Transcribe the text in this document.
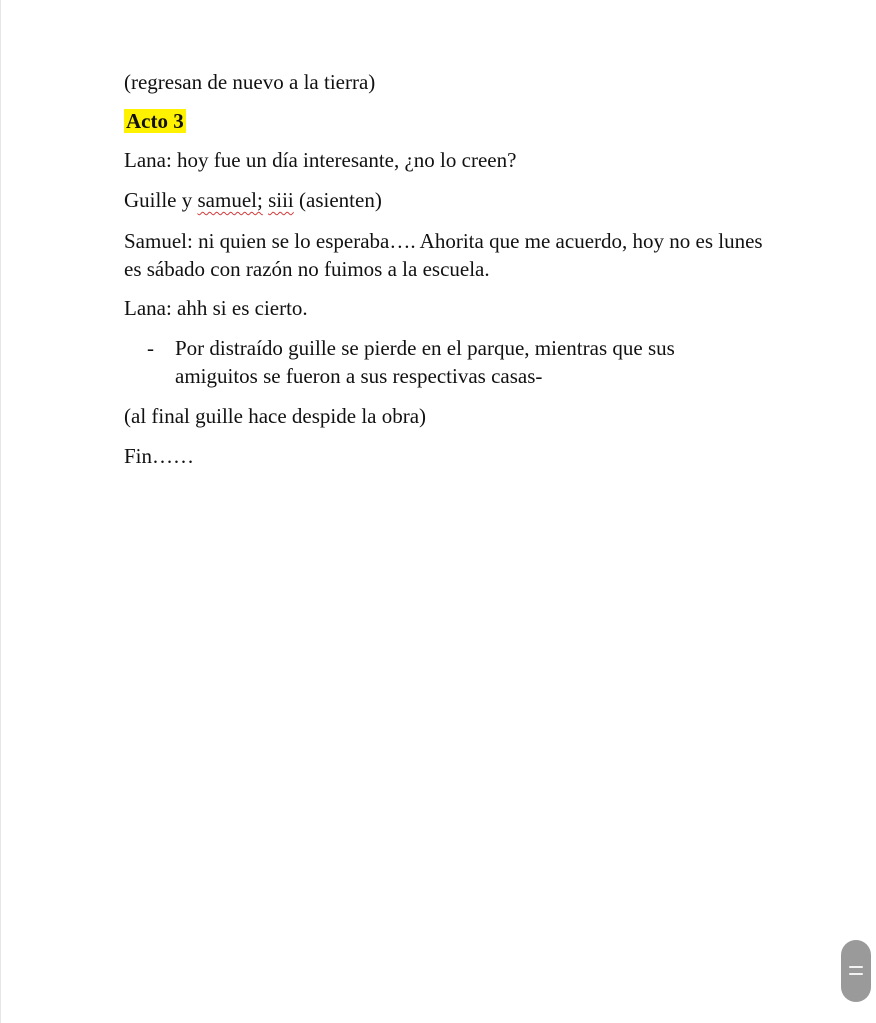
(regresan de nuevo a la tierra)

Acto 3

Lana: hoy fue un día interesante, ¿no lo creen?

Guille y samuel; siii (asienten)

Samuel: ni quien se lo esperaba…. Ahorita que me acuerdo, hoy no es lunes es sábado con razón no fuimos a la escuela.

Lana: ahh si es cierto.

- Por distraído guille se pierde en el parque, mientras que sus amiguitos se fueron a sus respectivas casas-

(al final guille hace despide la obra)

Fin……
